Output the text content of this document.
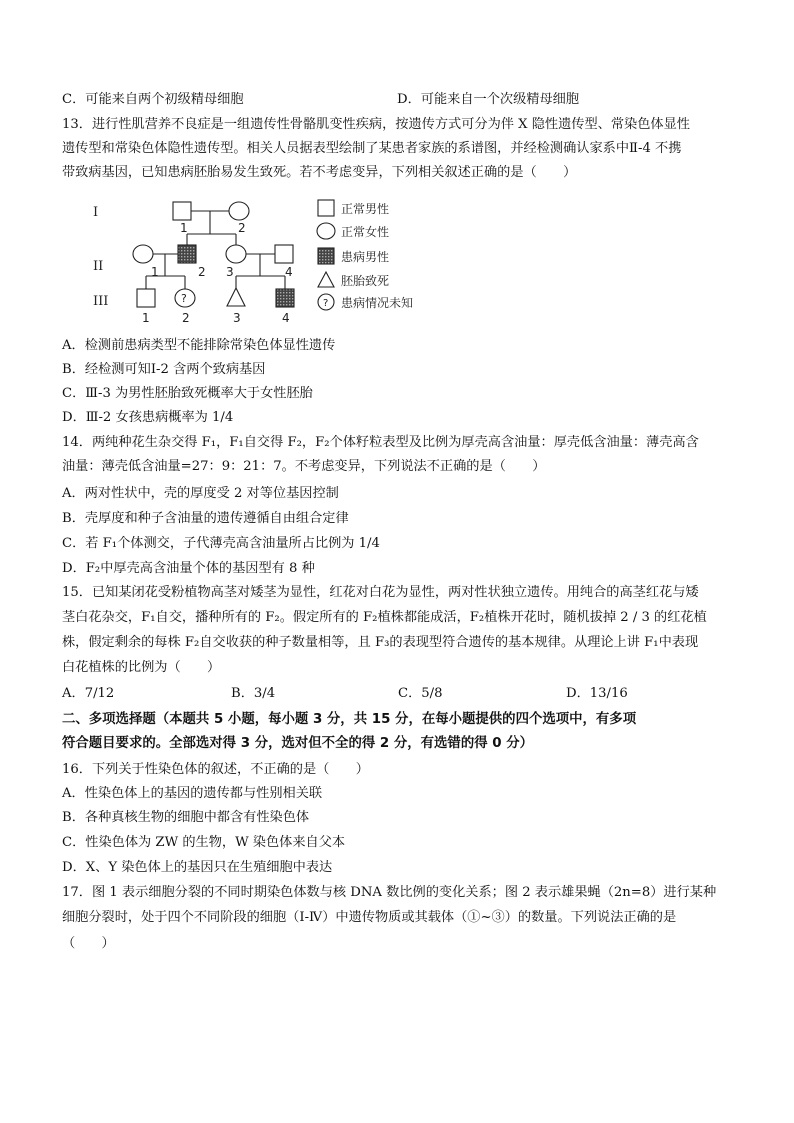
C．可能来自两个初级精母细胞	D．可能来自一个次级精母细胞
13．进行性肌营养不良症是一组遗传性骨骼肌变性疾病，按遗传方式可分为伴 X 隐性遗传型、常染色体显性
遗传型和常染色体隐性遗传型。相关人员据表型绘制了某患者家族的系谱图，并经检测确认家系中Ⅱ-4 不携
带致病基因，已知患病胚胎易发生致死。若不考虑变异，下列相关叙述正确的是（　　）
I
II
III
1	2
1	2 3	4
1	2	3	4
?	?
正常男性
正常女性
患病男性
胚胎致死
患病情况未知
A．检测前患病类型不能排除常染色体显性遗传
B．经检测可知Ⅰ-2 含两个致病基因
C．Ⅲ-3 为男性胚胎致死概率大于女性胚胎
D．Ⅲ-2 女孩患病概率为 1/4
14．两纯种花生杂交得 F₁，F₁自交得 F₂，F₂个体籽粒表型及比例为厚壳高含油量：厚壳低含油量：薄壳高含
油量：薄壳低含油量=27：9：21：7。不考虑变异，下列说法不正确的是（　　）
A．两对性状中，壳的厚度受 2 对等位基因控制
B．壳厚度和种子含油量的遗传遵循自由组合定律
C．若 F₁个体测交，子代薄壳高含油量所占比例为 1/4
D．F₂中厚壳高含油量个体的基因型有 8 种
15．已知某闭花受粉植物高茎对矮茎为显性，红花对白花为显性，两对性状独立遗传。用纯合的高茎红花与矮
茎白花杂交，F₁自交，播种所有的 F₂。假定所有的 F₂植株都能成活，F₂植株开花时，随机拔掉 2 / 3 的红花植
株，假定剩余的每株 F₂自交收获的种子数量相等，且 F₃的表现型符合遗传的基本规律。从理论上讲 F₁中表现
白花植株的比例为（　　）
A．7/12	B．3/4	C．5/8	D．13/16
二、多项选择题（本题共 5 小题，每小题 3 分，共 15 分，在每小题提供的四个选项中，有多项
符合题目要求的。全部选对得 3 分，选对但不全的得 2 分，有选错的得 0 分）
16．下列关于性染色体的叙述，不正确的是（　　）
A．性染色体上的基因的遗传都与性别相关联
B．各种真核生物的细胞中都含有性染色体
C．性染色体为 ZW 的生物，W 染色体来自父本
D．X、Y 染色体上的基因只在生殖细胞中表达
17．图 1 表示细胞分裂的不同时期染色体数与核 DNA 数比例的变化关系；图 2 表示雄果蝇（2n=8）进行某种
细胞分裂时，处于四个不同阶段的细胞（Ⅰ-Ⅳ）中遗传物质或其载体（①~③）的数量。下列说法正确的是
（　　）
